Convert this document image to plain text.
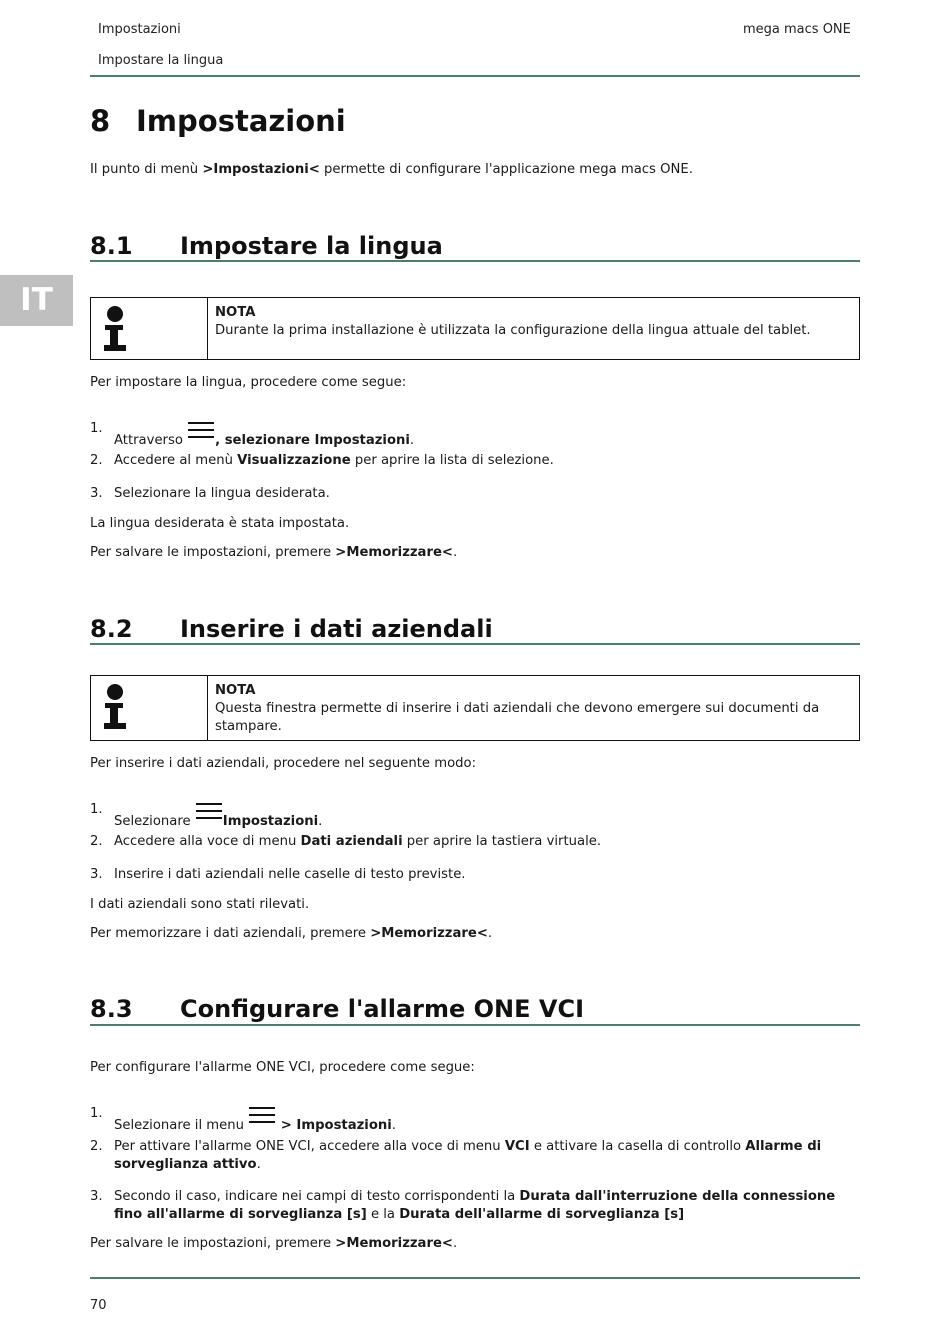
Impostazioni	mega macs ONE
Impostare la lingua
IT
8 Impostazioni
Il punto di menù >Impostazioni< permette di configurare l'applicazione mega macs ONE.
8.1 Impostare la lingua
NOTA
Durante la prima installazione è utilizzata la configurazione della lingua attuale del tablet.
Per impostare la lingua, procedere come segue:
1.
Attraverso , selezionare Impostazioni.
2. Accedere al menù Visualizzazione per aprire la lista di selezione.
3. Selezionare la lingua desiderata.
La lingua desiderata è stata impostata.
Per salvare le impostazioni, premere >Memorizzare<.
8.2 Inserire i dati aziendali
NOTA
Questa finestra permette di inserire i dati aziendali che devono emergere sui documenti da stampare.
Per inserire i dati aziendali, procedere nel seguente modo:
1.
Selezionare Impostazioni.
2. Accedere alla voce di menu Dati aziendali per aprire la tastiera virtuale.
3. Inserire i dati aziendali nelle caselle di testo previste.
I dati aziendali sono stati rilevati.
Per memorizzare i dati aziendali, premere >Memorizzare<.
8.3 Configurare l'allarme ONE VCI
Per configurare l'allarme ONE VCI, procedere come segue:
1.
Selezionare il menu  > Impostazioni.
2. Per attivare l'allarme ONE VCI, accedere alla voce di menu VCI e attivare la casella di controllo Allarme di sorveglianza attivo.
3. Secondo il caso, indicare nei campi di testo corrispondenti la Durata dall'interruzione della connessione fino all'allarme di sorveglianza [s] e la Durata dell'allarme di sorveglianza [s]
Per salvare le impostazioni, premere >Memorizzare<.
70
